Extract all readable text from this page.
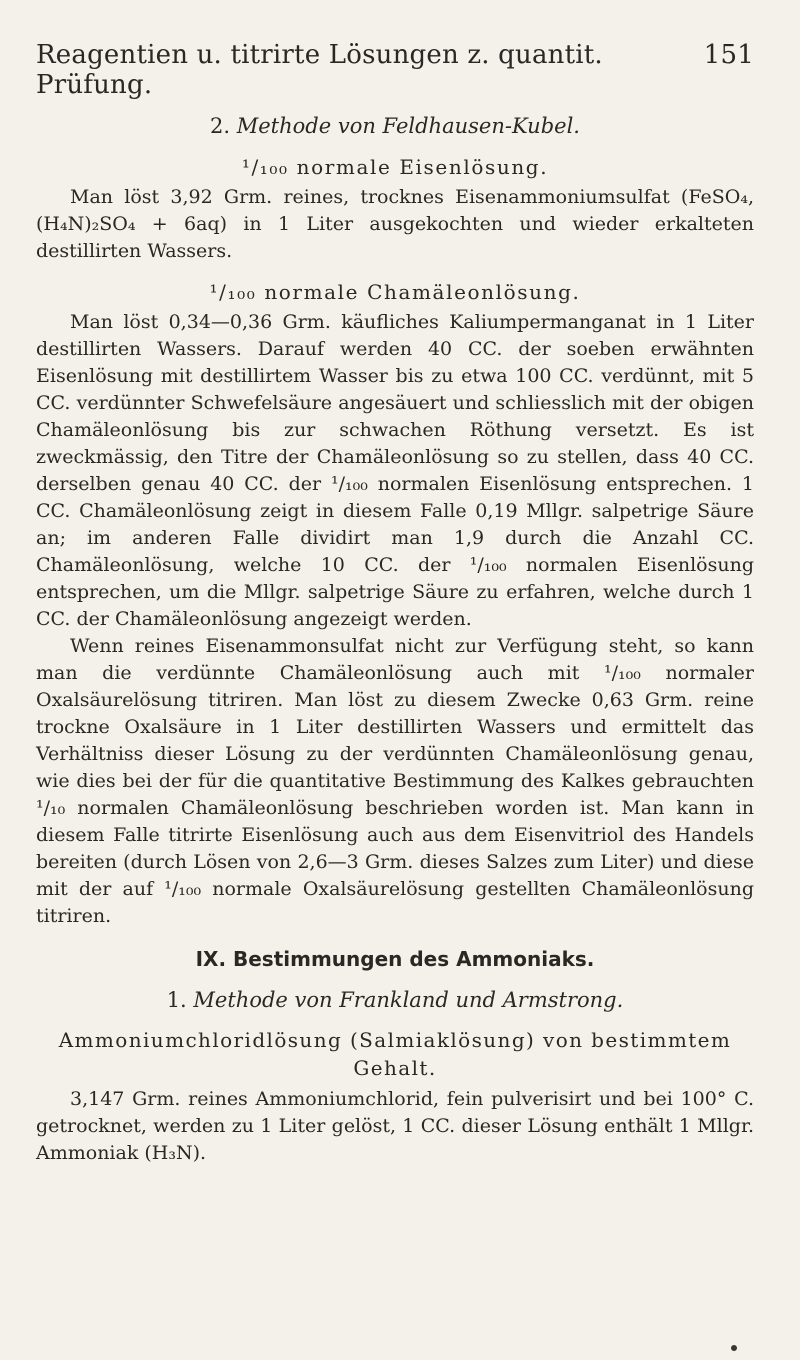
Reagentien u. titrirte Lösungen z. quantit. Prüfung.
151
2. Methode von Feldhausen-Kubel.
¹/₁₀₀ normale Eisenlösung.

Man löst 3,92 Grm. reines, trocknes Eisenammoniumsulfat (FeSO₄, (H₄N)₂SO₄ + 6aq) in 1 Liter ausgekochten und wieder erkalteten destillirten Wassers.

¹/₁₀₀ normale Chamäleonlösung.

Man löst 0,34—0,36 Grm. käufliches Kaliumpermanganat in 1 Liter destillirten Wassers. Darauf werden 40 CC. der soeben erwähnten Eisenlösung mit destillirtem Wasser bis zu etwa 100 CC. verdünnt, mit 5 CC. verdünnter Schwefelsäure angesäuert und schliesslich mit der obigen Chamäleonlösung bis zur schwachen Röthung versetzt. Es ist zweckmässig, den Titre der Chamäleonlösung so zu stellen, dass 40 CC. derselben genau 40 CC. der ¹/₁₀₀ normalen Eisenlösung entsprechen. 1 CC. Chamäleonlösung zeigt in diesem Falle 0,19 Mllgr. salpetrige Säure an; im anderen Falle dividirt man 1,9 durch die Anzahl CC. Chamäleonlösung, welche 10 CC. der ¹/₁₀₀ normalen Eisenlösung entsprechen, um die Mllgr. salpetrige Säure zu erfahren, welche durch 1 CC. der Chamäleonlösung angezeigt werden.

Wenn reines Eisenammonsulfat nicht zur Verfügung steht, so kann man die verdünnte Chamäleonlösung auch mit ¹/₁₀₀ normaler Oxalsäurelösung titriren. Man löst zu diesem Zwecke 0,63 Grm. reine trockne Oxalsäure in 1 Liter destillirten Wassers und ermittelt das Verhältniss dieser Lösung zu der verdünnten Chamäleonlösung genau, wie dies bei der für die quantitative Bestimmung des Kalkes gebrauchten ¹/₁₀ normalen Chamäleonlösung beschrieben worden ist. Man kann in diesem Falle titrirte Eisenlösung auch aus dem Eisenvitriol des Handels bereiten (durch Lösen von 2,6—3 Grm. dieses Salzes zum Liter) und diese mit der auf ¹/₁₀₀ normale Oxalsäurelösung gestellten Chamäleonlösung titriren.

IX. Bestimmungen des Ammoniaks.
1. Methode von Frankland und Armstrong.
Ammoniumchloridlösung (Salmiaklösung) von bestimmtem Gehalt.

3,147 Grm. reines Ammoniumchlorid, fein pulverisirt und bei 100° C. getrocknet, werden zu 1 Liter gelöst, 1 CC. dieser Lösung enthält 1 Mllgr. Ammoniak (H₃N).
